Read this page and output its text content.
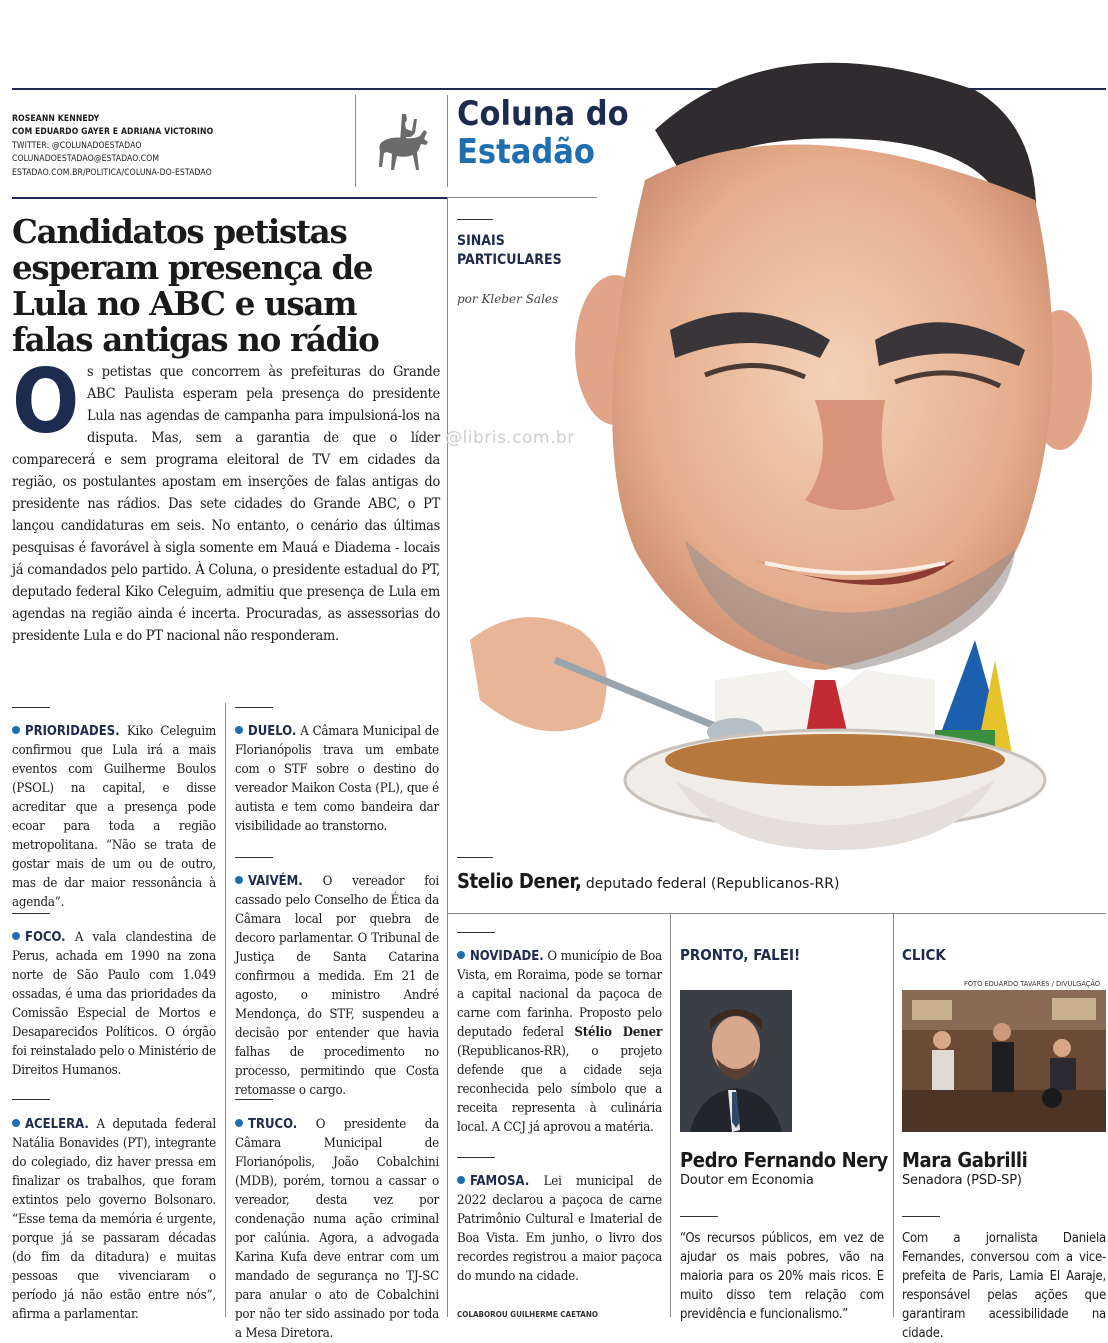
ROSEANN KENNEDY
COM EDUARDO GAYER E ADRIANA VICTORINO
TWITTER: @COLUNADOESTADAO
COLUNADOESTADAO@ESTADAO.COM
ESTADAO.COM.BR/POLITICA/COLUNA-DO-ESTADAO
Coluna do
Estadão
Candidatos petistas esperam presença de Lula no ABC e usam falas antigas no rádio
Os petistas que concorrem às prefeituras do Grande ABC Paulista esperam pela presença do presidente Lula nas agendas de campanha para impulsioná-los na disputa. Mas, sem a garantia de que o líder comparecerá e sem programa eleitoral de TV em cidades da região, os postulantes apostam em inserções de falas antigas do presidente nas rádios. Das sete cidades do Grande ABC, o PT lançou candidaturas em seis. No entanto, o cenário das últimas pesquisas é favorável à sigla somente em Mauá e Diadema - locais já comandados pelo partido. À Coluna, o presidente estadual do PT, deputado federal Kiko Celeguim, admitiu que presença de Lula em agendas na região ainda é incerta. Procuradas, as assessorias do presidente Lula e do PT nacional não responderam.
SINAIS
PARTICULARES
por Kleber Sales
@libris.com.br
Stelio Dener, deputado federal (Republicanos-RR)
PRIORIDADES. Kiko Celeguim confirmou que Lula irá a mais eventos com Guilherme Boulos (PSOL) na capital, e disse acreditar que a presença pode ecoar para toda a região metropolitana. “Não se trata de gostar mais de um ou de outro, mas de dar maior ressonância à agenda”.
FOCO. A vala clandestina de Perus, achada em 1990 na zona norte de São Paulo com 1.049 ossadas, é uma das prioridades da Comissão Especial de Mortos e Desaparecidos Políticos. O órgão foi reinstalado pelo o Ministério de Direitos Humanos.
ACELERA. A deputada federal Natália Bonavides (PT), integrante do colegiado, diz haver pressa em finalizar os trabalhos, que foram extintos pelo governo Bolsonaro. “Esse tema da memória é urgente, porque já se passaram décadas (do fim da ditadura) e muitas pessoas que vivenciaram o período já não estão entre nós”, afirma a parlamentar.
DUELO. A Câmara Municipal de Florianópolis trava um embate com o STF sobre o destino do vereador Maikon Costa (PL), que é autista e tem como bandeira dar visibilidade ao transtorno.
VAIVÉM. O vereador foi cassado pelo Conselho de Ética da Câmara local por quebra de decoro parlamentar. O Tribunal de Justiça de Santa Catarina confirmou a medida. Em 21 de agosto, o ministro André Mendonça, do STF, suspendeu a decisão por entender que havia falhas de procedimento no processo, permitindo que Costa retomasse o cargo.
TRUCO. O presidente da Câmara Municipal de Florianópolis, João Cobalchini (MDB), porém, tornou a cassar o vereador, desta vez por condenação numa ação criminal por calúnia. Agora, a advogada Karina Kufa deve entrar com um mandado de segurança no TJ-SC para anular o ato de Cobalchini por não ter sido assinado por toda a Mesa Diretora.
NOVIDADE. O município de Boa Vista, em Roraima, pode se tornar a capital nacional da paçoca de carne com farinha. Proposto pelo deputado federal Stélio Dener (Republicanos-RR), o projeto defende que a cidade seja reconhecida pelo símbolo que a receita representa à culinária local. A CCJ já aprovou a matéria.
FAMOSA. Lei municipal de 2022 declarou a paçoca de carne Patrimônio Cultural e Imaterial de Boa Vista. Em junho, o livro dos recordes registrou a maior paçoca do mundo na cidade.
COLABOROU GUILHERME CAETANO
PRONTO, FALEI!
Pedro Fernando Nery
Doutor em Economia
“Os recursos públicos, em vez de ajudar os mais pobres, vão na maioria para os 20% mais ricos. E muito disso tem relação com previdência e funcionalismo.”
CLICK
FOTO EDUARDO TAVARES / DIVULGAÇÃO
Mara Gabrilli
Senadora (PSD-SP)
Com a jornalista Daniela Fernandes, conversou com a vice-prefeita de Paris, Lamia El Aaraje, responsável pelas ações que garantiram acessibilidade na cidade.
